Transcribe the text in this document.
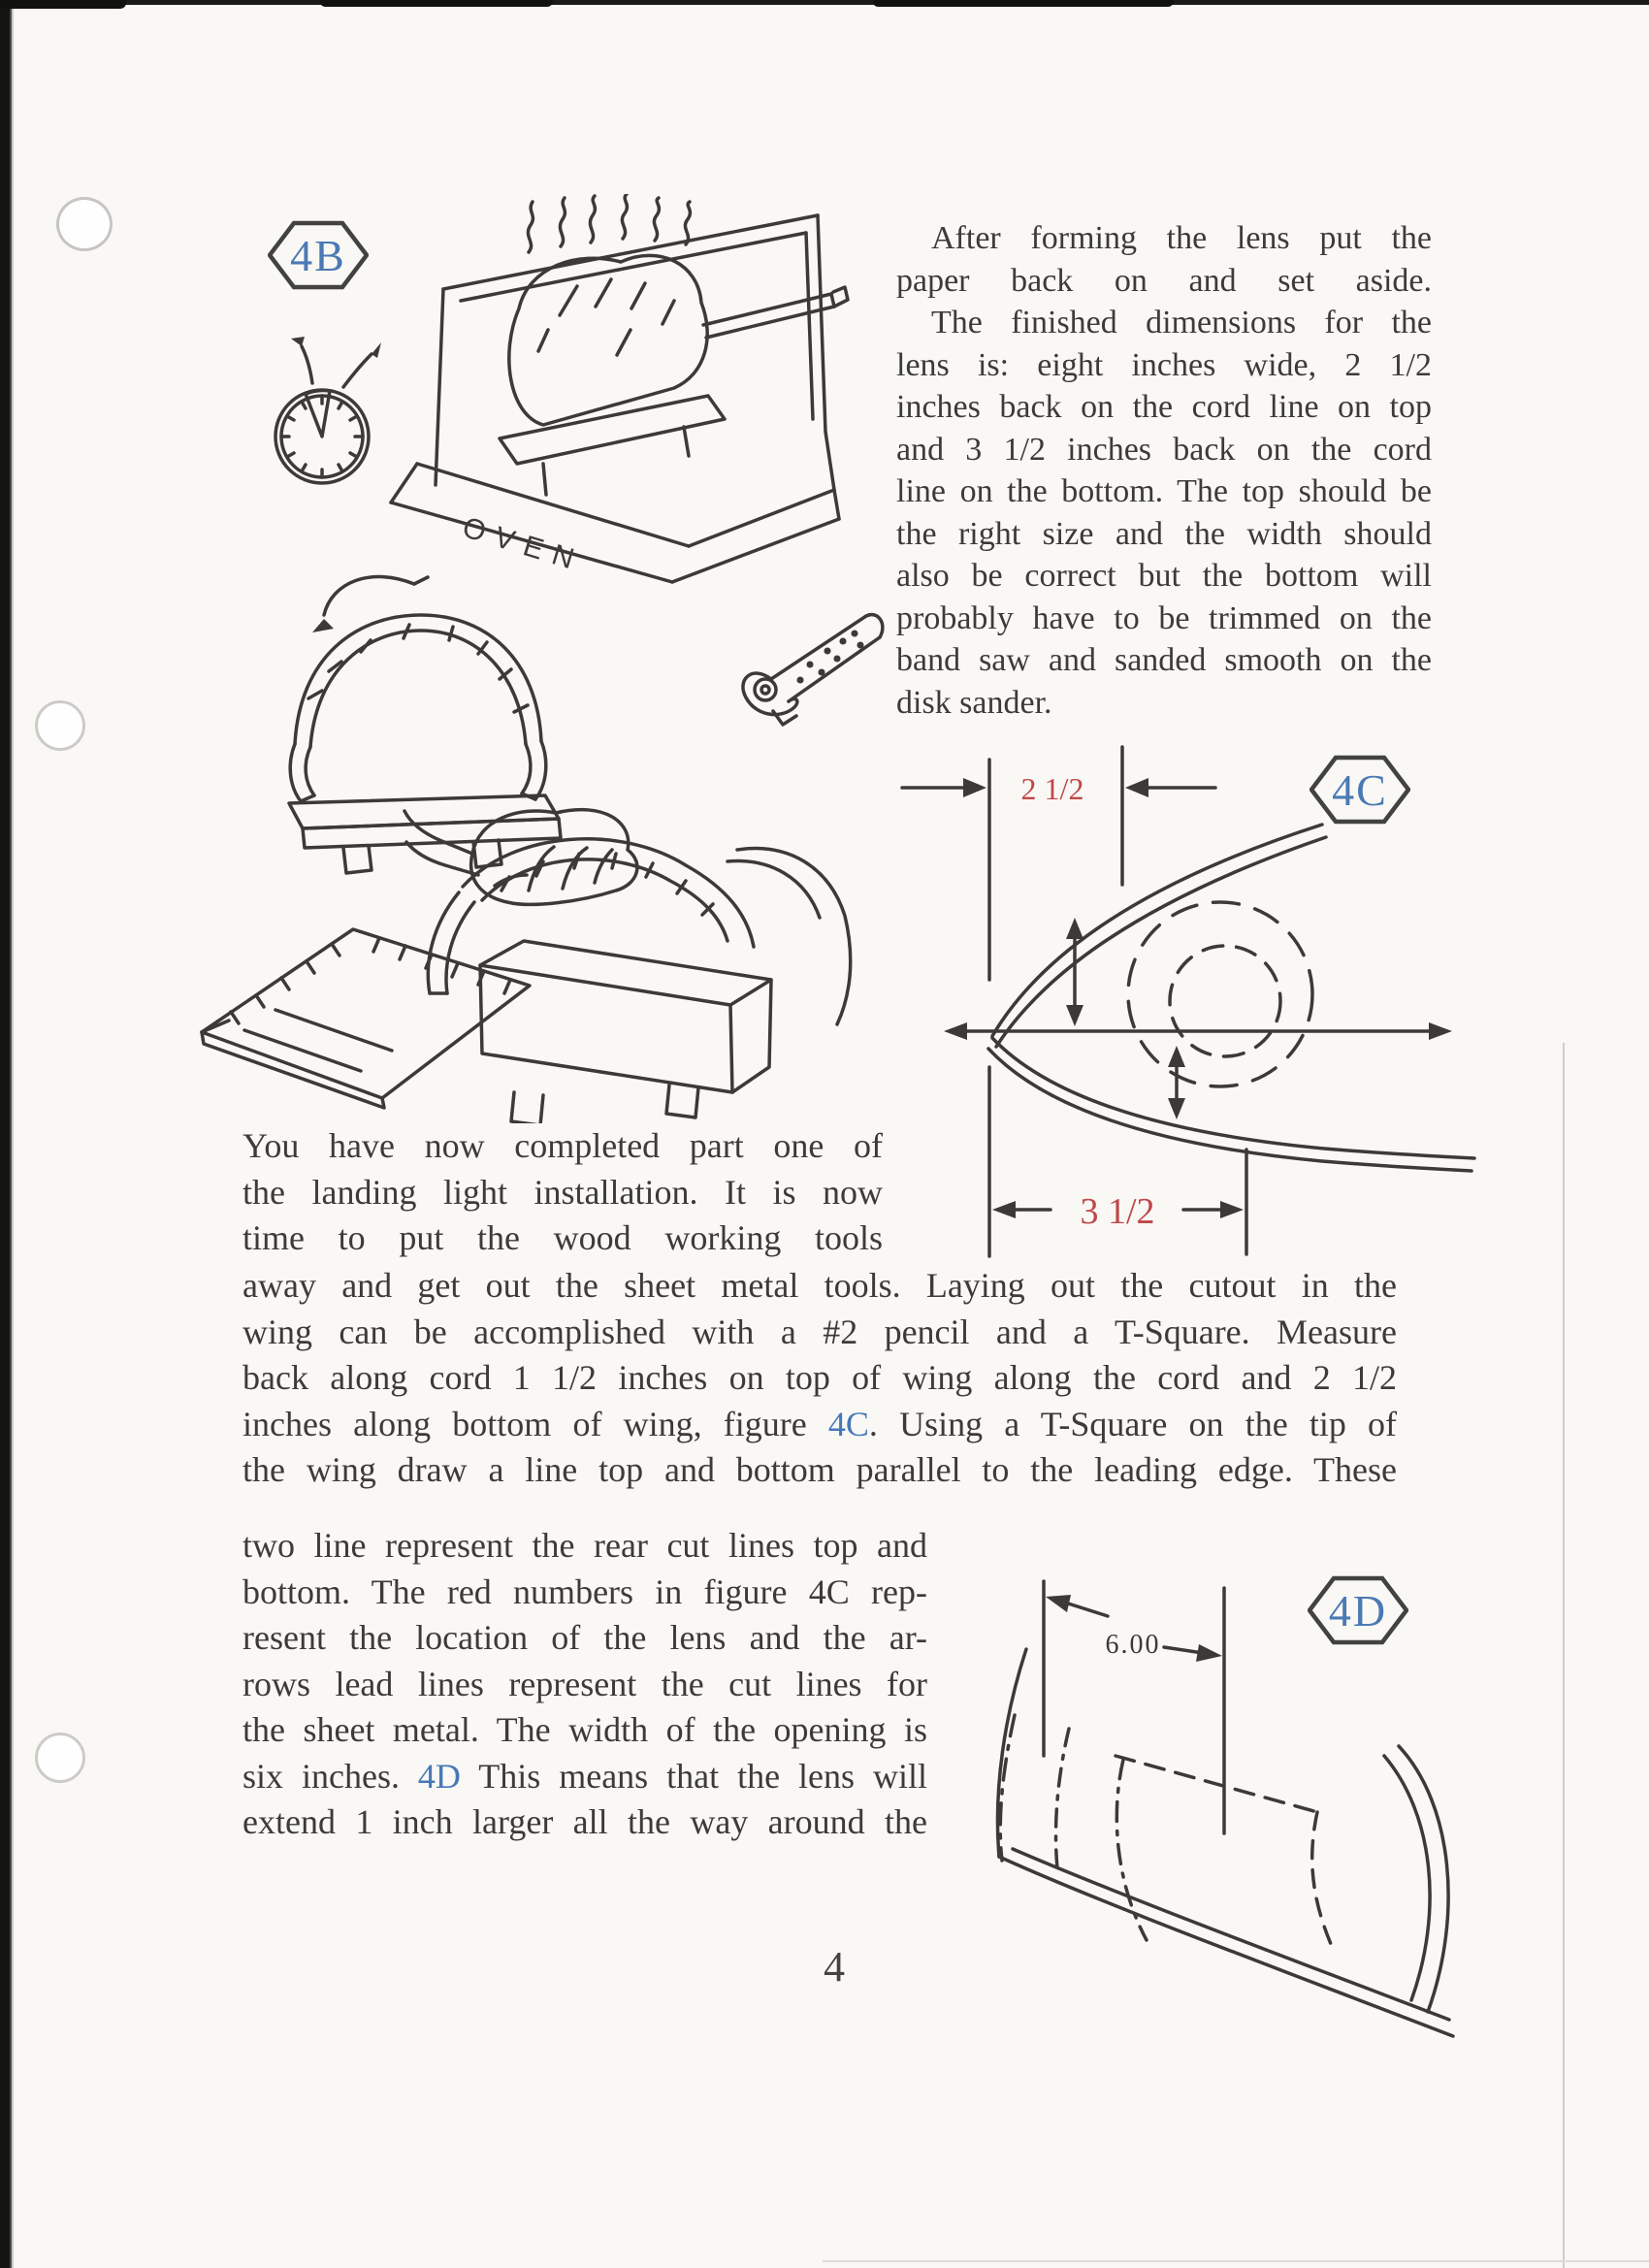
4B
OVEN
After forming the lens put the
paper back on and set aside.
The finished dimensions for the
lens is: eight inches wide, 2 1/2
inches back on the cord line on top
and 3 1/2 inches back on the cord
line on the bottom. The top should be
the right size and the width should
also be correct but the bottom will
probably have to be trimmed on the
band saw and sanded smooth on the
disk sander.
2 1/2
3 1/2
4C
You have now completed part one of
the landing light installation. It is now
time to put the wood working tools
away and get out the sheet metal tools. Laying out the cutout in the
wing can be accomplished with a #2 pencil and a T-Square. Measure
back along cord 1 1/2 inches on top of wing along the cord and 2 1/2
inches along bottom of wing, figure 4C. Using a T-Square on the tip of
the wing draw a line top and bottom parallel to the leading edge. These
two line represent the rear cut lines top and
bottom. The red numbers in figure 4C rep-
resent the location of the lens and the ar-
rows lead lines represent the cut lines for
the sheet metal. The width of the opening is
six inches. 4D This means that the lens will
extend 1 inch larger all the way around the
6.00
4D
4
